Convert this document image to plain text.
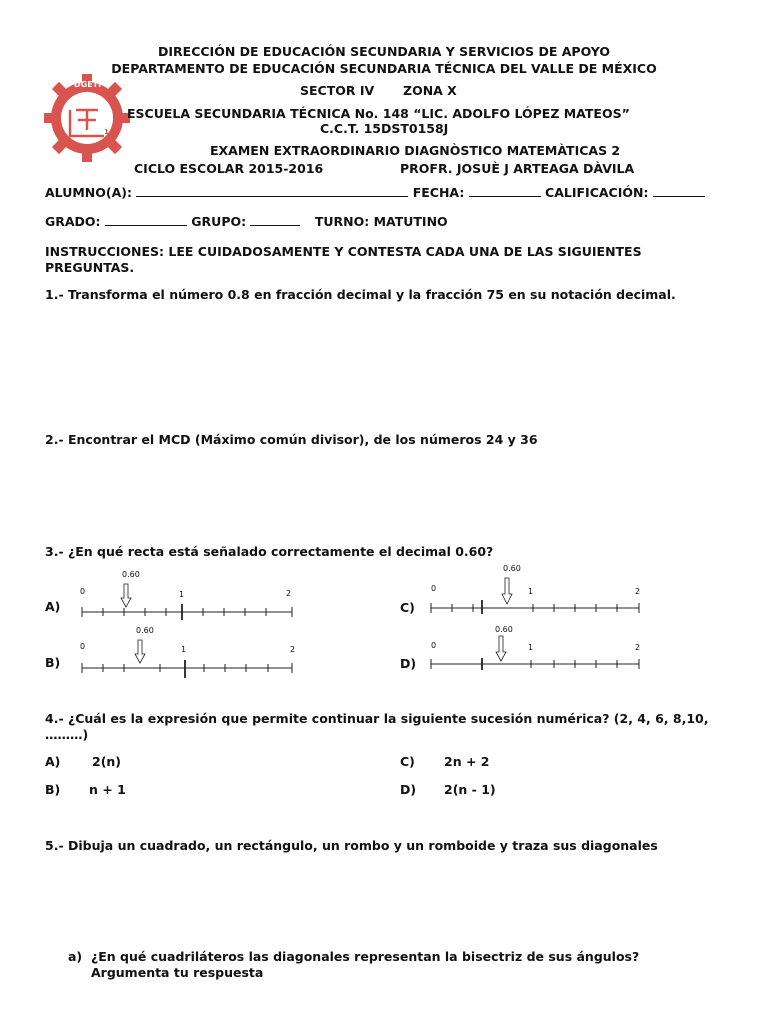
DGETI
148
DIRECCIÓN DE EDUCACIÓN SECUNDARIA Y SERVICIOS DE APOYO
DEPARTAMENTO DE EDUCACIÓN SECUNDARIA TÉCNICA DEL VALLE DE MÉXICO
SECTOR IV ZONA X
ESCUELA SECUNDARIA TÉCNICA No. 148 “LIC. ADOLFO LÓPEZ MATEOS”
C.C.T. 15DST0158J
EXAMEN EXTRAORDINARIO DIAGNÒSTICO MATEMÀTICAS 2
CICLO ESCOLAR 2015-2016	PROFR. JOSUÈ J ARTEAGA DÀVILA
ALUMNO(A):	FECHA:	CALIFICACIÓN:
GRADO:	GRUPO:	TURNO: MATUTINO
INSTRUCCIONES: LEE CUIDADOSAMENTE Y CONTESTA CADA UNA DE LAS SIGUIENTES
PREGUNTAS.
1.- Transforma el número 0.8 en fracción decimal y la fracción 75 en su notación decimal.
2.- Encontrar el MCD (Máximo común divisor), de los números 24 y 36
3.- ¿En qué recta está señalado correctamente el decimal 0.60?
A)
0
0.60
1	2
B)
0
0.60
1	2
C)
0
0.60
1	2
D)
0
0.60
1	2
4.- ¿Cuál es la expresión que permite continuar la siguiente sucesión numérica? (2, 4, 6, 8,10,
………)
A)	2(n)
B) n + 1
C) 2n + 2
D) 2(n - 1)
5.- Dibuja un cuadrado, un rectángulo, un rombo y un romboide y traza sus diagonales
a) ¿En qué cuadriláteros las diagonales representan la bisectriz de sus ángulos?
Argumenta tu respuesta
